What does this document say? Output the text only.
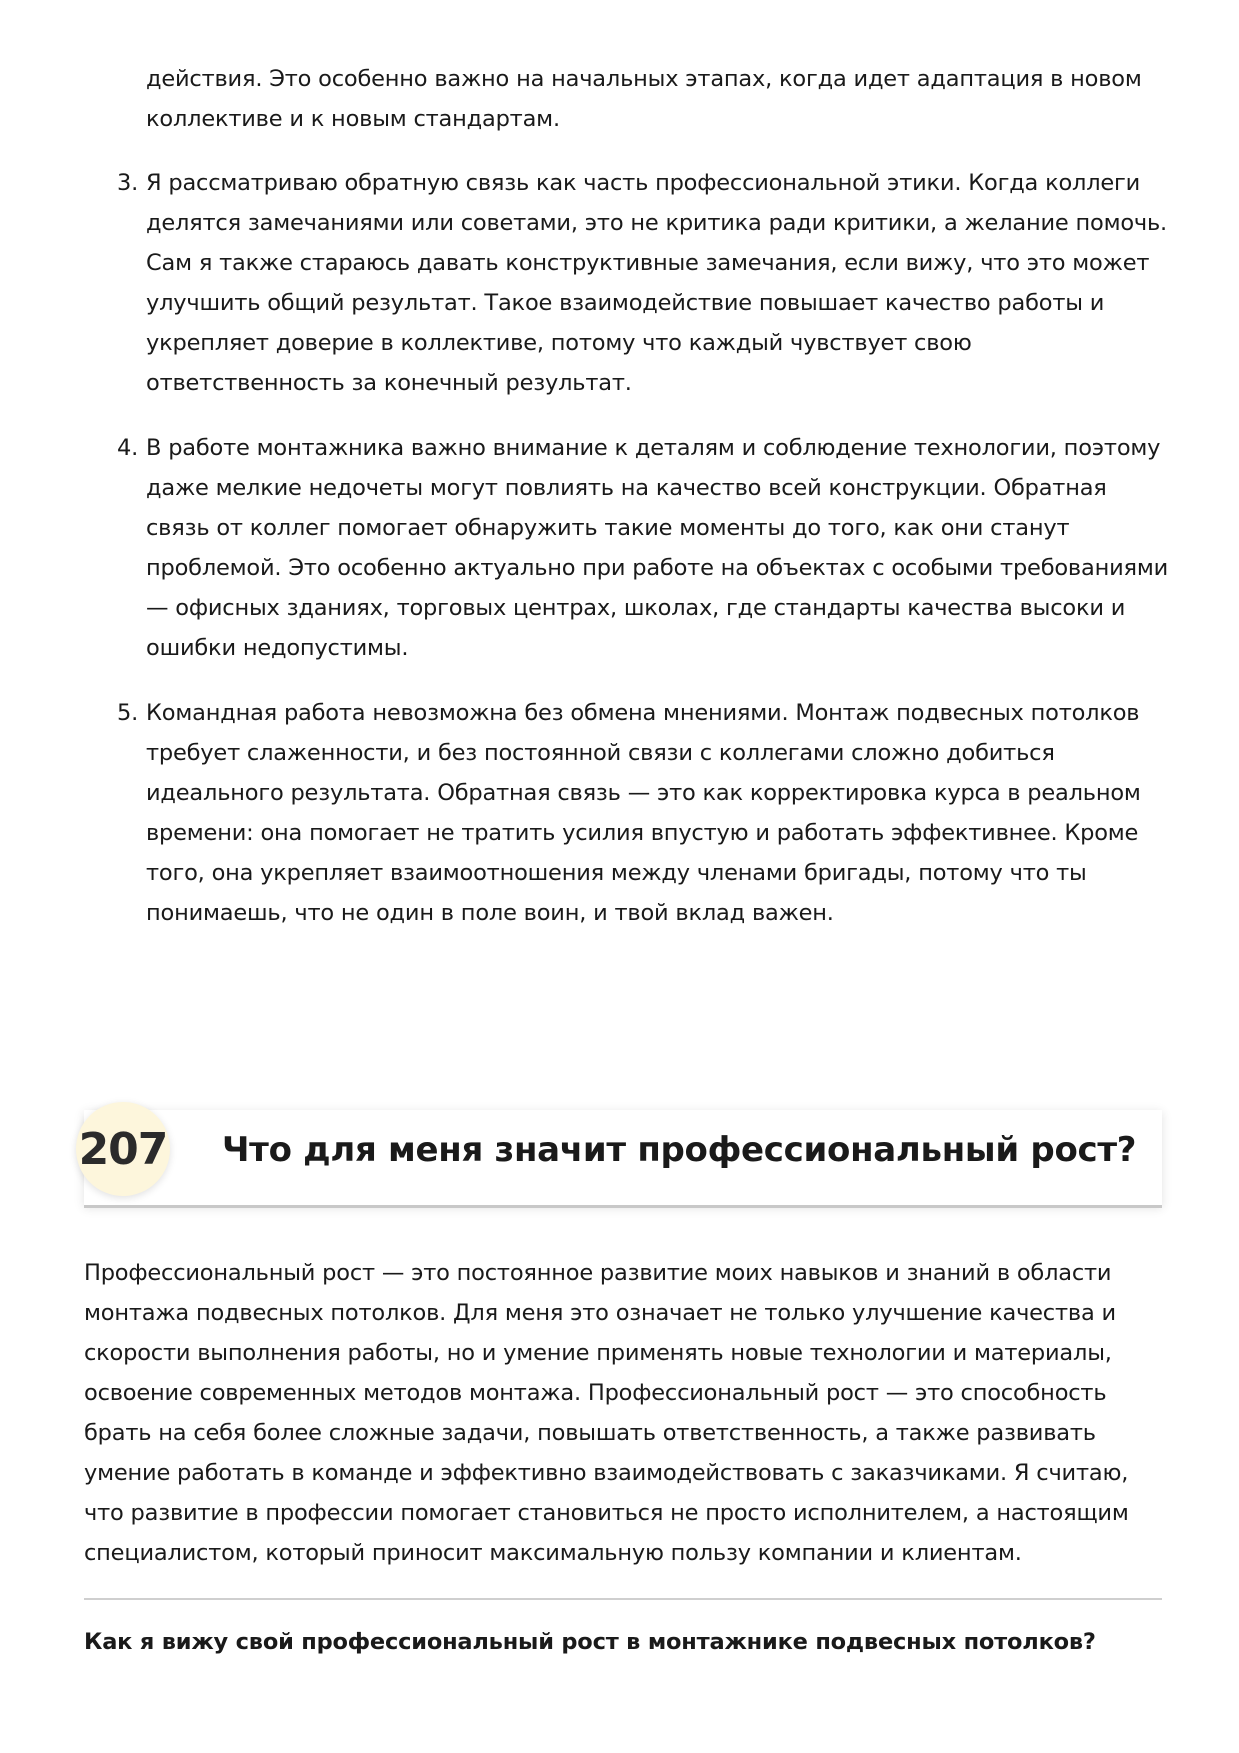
действия. Это особенно важно на начальных этапах, когда идет адаптация в новом коллективе и к новым стандартам.
3. Я рассматриваю обратную связь как часть профессиональной этики. Когда коллеги делятся замечаниями или советами, это не критика ради критики, а желание помочь. Сам я также стараюсь давать конструктивные замечания, если вижу, что это может улучшить общий результат. Такое взаимодействие повышает качество работы и укрепляет доверие в коллективе, потому что каждый чувствует свою ответственность за конечный результат.
4. В работе монтажника важно внимание к деталям и соблюдение технологии, поэтому даже мелкие недочеты могут повлиять на качество всей конструкции. Обратная связь от коллег помогает обнаружить такие моменты до того, как они станут проблемой. Это особенно актуально при работе на объектах с особыми требованиями — офисных зданиях, торговых центрах, школах, где стандарты качества высоки и ошибки недопустимы.
5. Командная работа невозможна без обмена мнениями. Монтаж подвесных потолков требует слаженности, и без постоянной связи с коллегами сложно добиться идеального результата. Обратная связь — это как корректировка курса в реальном времени: она помогает не тратить усилия впустую и работать эффективнее. Кроме того, она укрепляет взаимоотношения между членами бригады, потому что ты понимаешь, что не один в поле воин, и твой вклад важен.
207 Что для меня значит профессиональный рост?
Профессиональный рост — это постоянное развитие моих навыков и знаний в области монтажа подвесных потолков. Для меня это означает не только улучшение качества и скорости выполнения работы, но и умение применять новые технологии и материалы, освоение современных методов монтажа. Профессиональный рост — это способность брать на себя более сложные задачи, повышать ответственность, а также развивать умение работать в команде и эффективно взаимодействовать с заказчиками. Я считаю, что развитие в профессии помогает становиться не просто исполнителем, а настоящим специалистом, который приносит максимальную пользу компании и клиентам.
Как я вижу свой профессиональный рост в монтажнике подвесных потолков?
